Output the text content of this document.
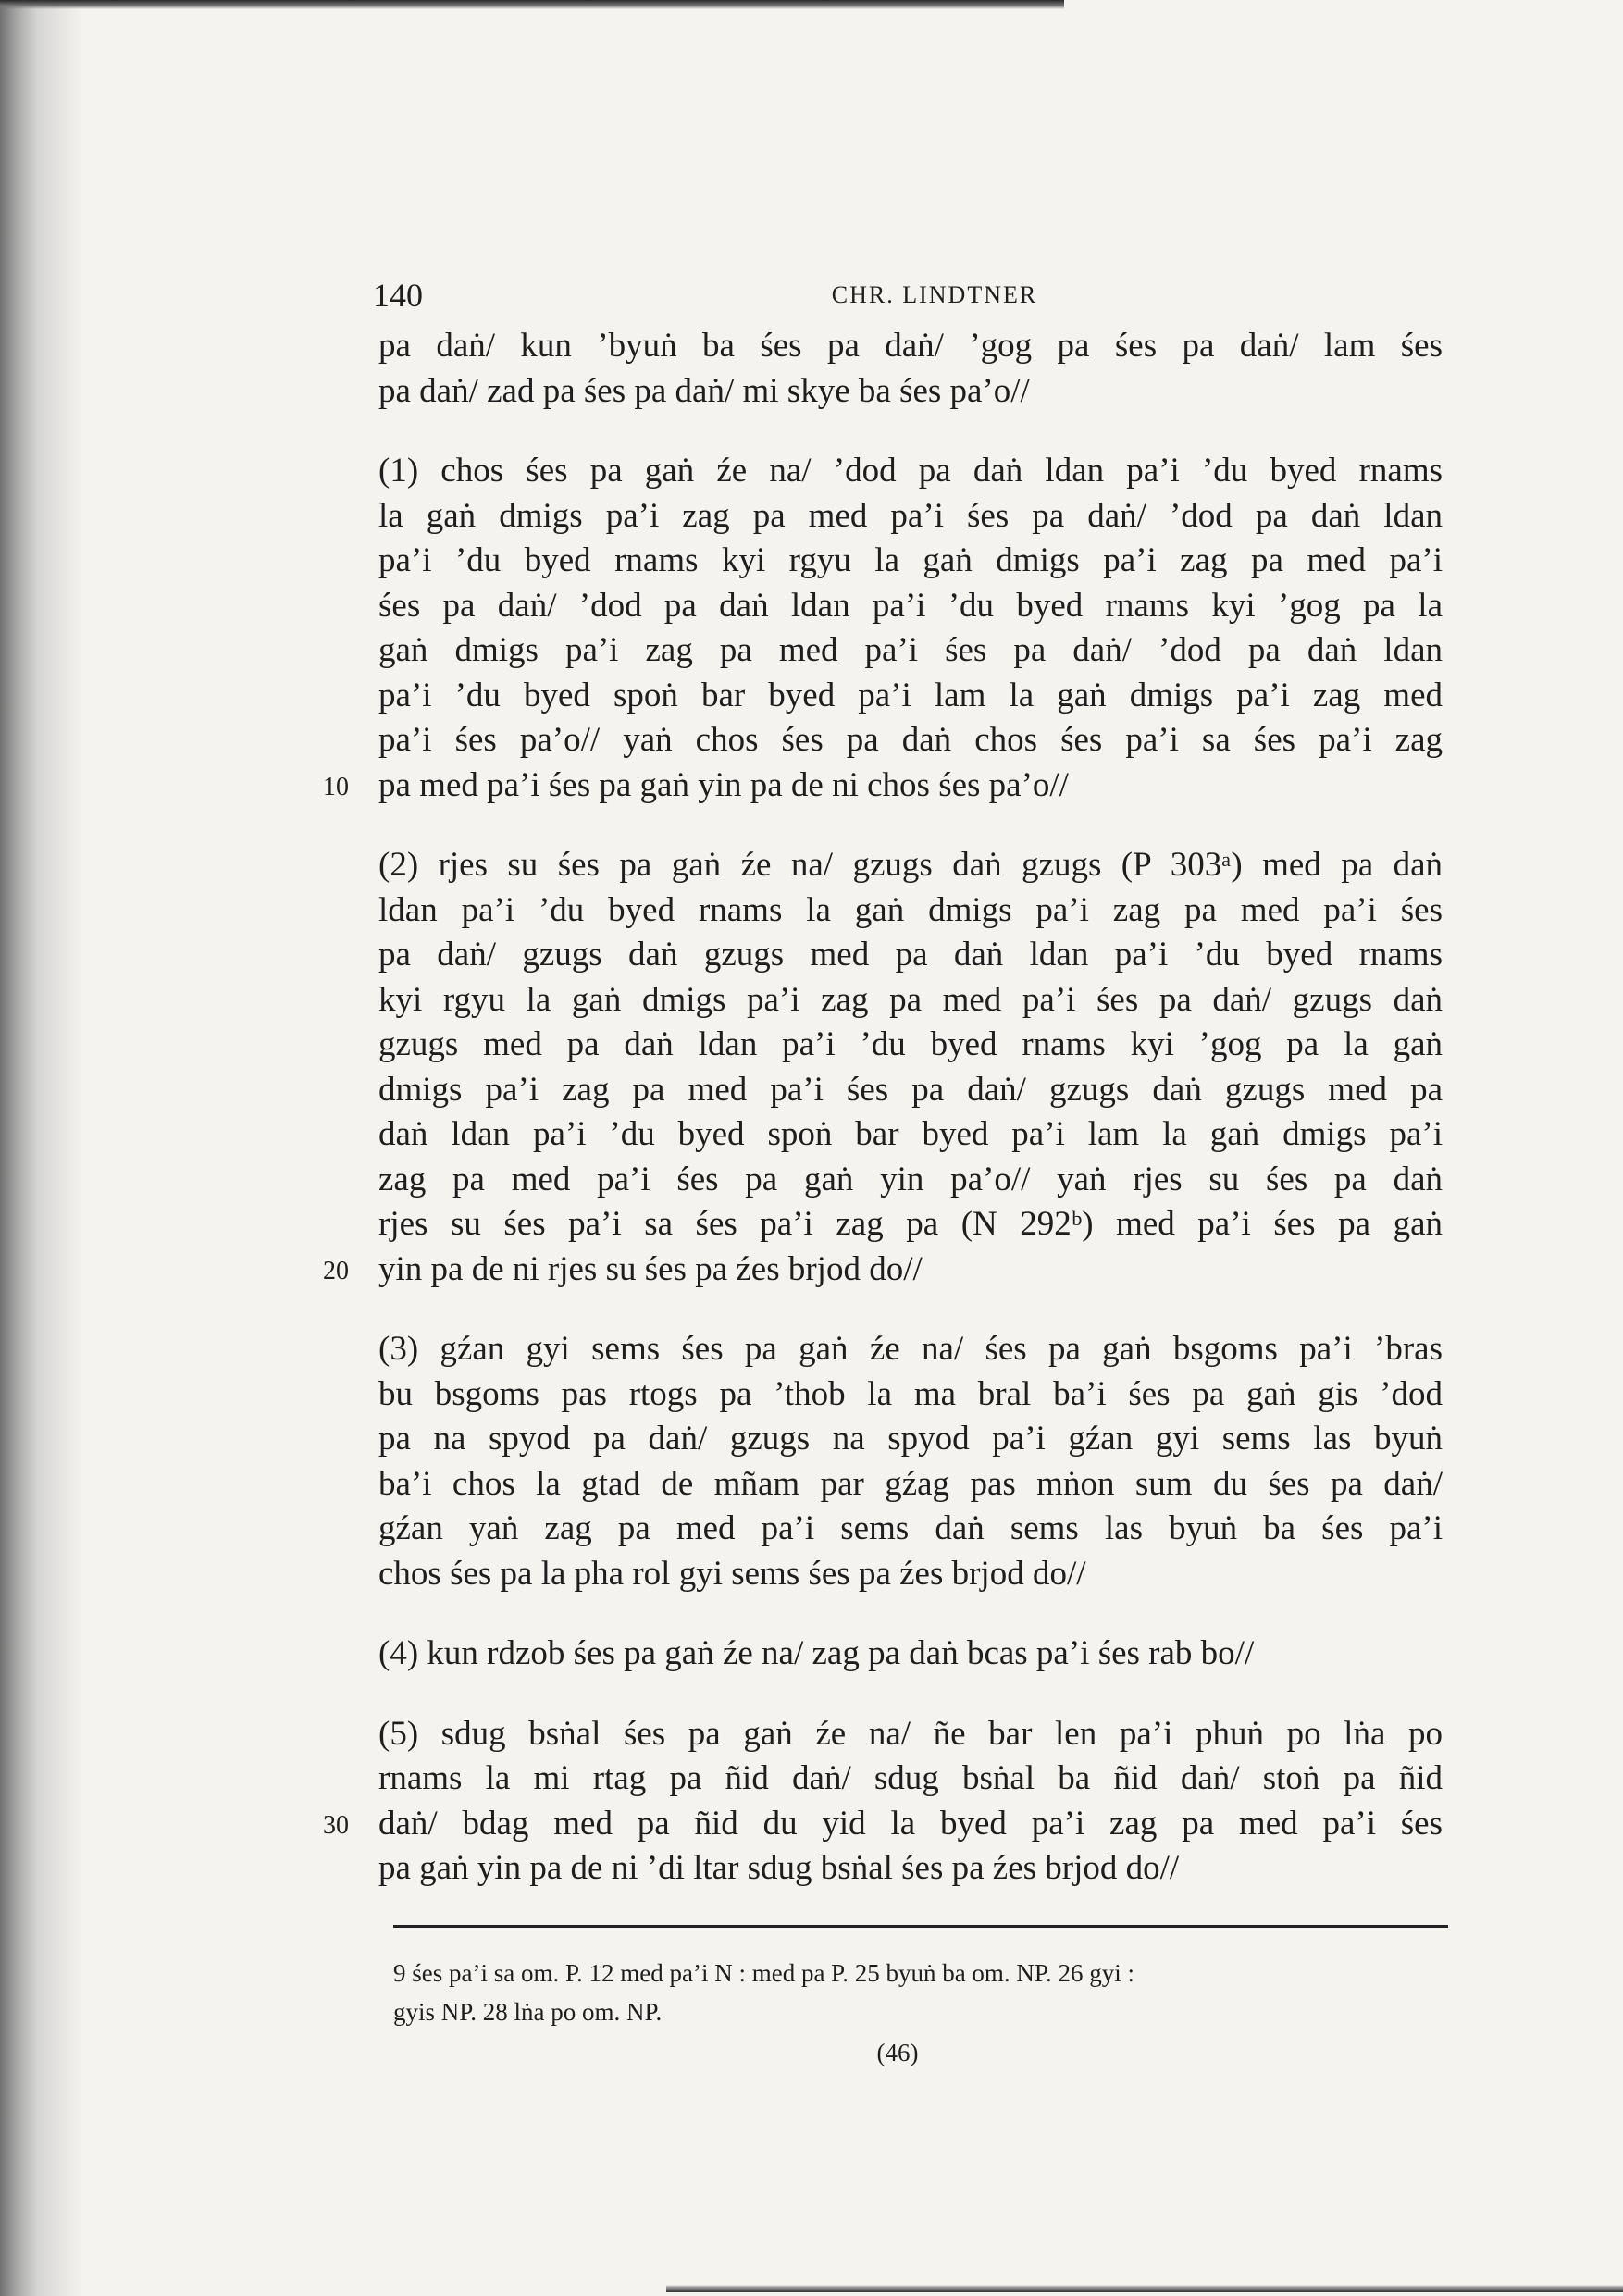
140	CHR. LINDTNER
pa daṅ/ kun ’byuṅ ba śes pa daṅ/ ’gog pa śes pa daṅ/ lam śes
pa daṅ/ zad pa śes pa daṅ/ mi skye ba śes pa’o//
(1) chos śes pa gaṅ źe na/ ’dod pa daṅ ldan pa’i ’du byed rnams
la gaṅ dmigs pa’i zag pa med pa’i śes pa daṅ/ ’dod pa daṅ ldan
pa’i ’du byed rnams kyi rgyu la gaṅ dmigs pa’i zag pa med pa’i
śes pa daṅ/ ’dod pa daṅ ldan pa’i ’du byed rnams kyi ’gog pa la
gaṅ dmigs pa’i zag pa med pa’i śes pa daṅ/ ’dod pa daṅ ldan
pa’i ’du byed spoṅ bar byed pa’i lam la gaṅ dmigs pa’i zag med
pa’i śes pa’o// yaṅ chos śes pa daṅ chos śes pa’i sa śes pa’i zag
pa med pa’i śes pa gaṅ yin pa de ni chos śes pa’o//
10
(2) rjes su śes pa gaṅ źe na/ gzugs daṅ gzugs (P 303ᵃ) med pa daṅ
ldan pa’i ’du byed rnams la gaṅ dmigs pa’i zag pa med pa’i śes
pa daṅ/ gzugs daṅ gzugs med pa daṅ ldan pa’i ’du byed rnams
kyi rgyu la gaṅ dmigs pa’i zag pa med pa’i śes pa daṅ/ gzugs daṅ
gzugs med pa daṅ ldan pa’i ’du byed rnams kyi ’gog pa la gaṅ
dmigs pa’i zag pa med pa’i śes pa daṅ/ gzugs daṅ gzugs med pa
daṅ ldan pa’i ’du byed spoṅ bar byed pa’i lam la gaṅ dmigs pa’i
zag pa med pa’i śes pa gaṅ yin pa’o// yaṅ rjes su śes pa daṅ
rjes su śes pa’i sa śes pa’i zag pa (N 292ᵇ) med pa’i śes pa gaṅ
yin pa de ni rjes su śes pa źes brjod do//
20
(3) gźan gyi sems śes pa gaṅ źe na/ śes pa gaṅ bsgoms pa’i ’bras
bu bsgoms pas rtogs pa ’thob la ma bral ba’i śes pa gaṅ gis ’dod
pa na spyod pa daṅ/ gzugs na spyod pa’i gźan gyi sems las byuṅ
ba’i chos la gtad de mñam par gźag pas mṅon sum du śes pa daṅ/
gźan yaṅ zag pa med pa’i sems daṅ sems las byuṅ ba śes pa’i
chos śes pa la pha rol gyi sems śes pa źes brjod do//
(4) kun rdzob śes pa gaṅ źe na/ zag pa daṅ bcas pa’i śes rab bo//
(5) sdug bsṅal śes pa gaṅ źe na/ ñe bar len pa’i phuṅ po lṅa po
rnams la mi rtag pa ñid daṅ/ sdug bsṅal ba ñid daṅ/ stoṅ pa ñid
daṅ/ bdag med pa ñid du yid la byed pa’i zag pa med pa’i śes
30
pa gaṅ yin pa de ni ’di ltar sdug bsṅal śes pa źes brjod do//
9 śes pa’i sa om. P. 12 med pa’i N : med pa P. 25 byuṅ ba om. NP. 26 gyi :
gyis NP. 28 lṅa po om. NP.
(46)
